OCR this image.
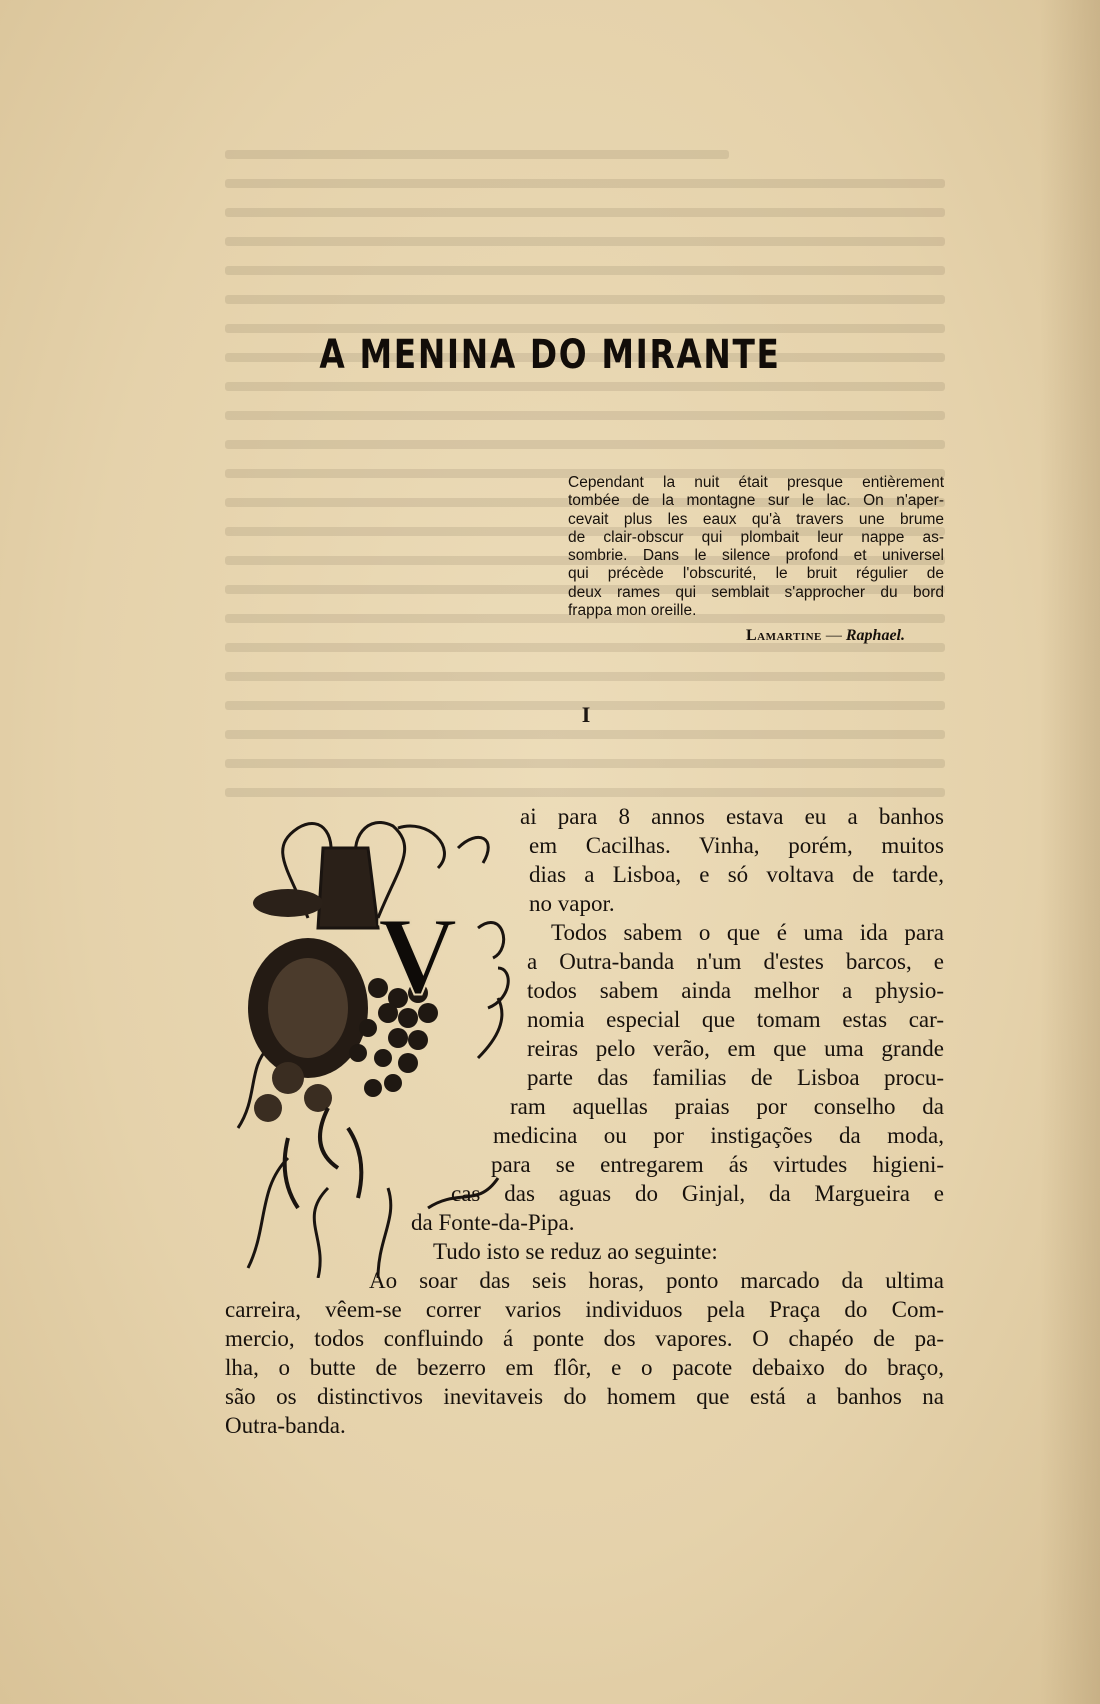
A MENINA DO MIRANTE
Cependant la nuit était presque entièrement
tombée de la montagne sur le lac. On n'aper-
cevait plus les eaux qu'à travers une brume
de clair-obscur qui plombait leur nappe as-
sombrie. Dans le silence profond et universel
qui précède l'obscurité, le bruit régulier de
deux rames qui semblait s'approcher du bord
frappa mon oreille.
Lamartine — Raphael.
I
V
ai para 8 annos estava eu a banhos
em Cacilhas. Vinha, porém, muitos
dias a Lisboa, e só voltava de tarde,
no vapor.
Todos sabem o que é uma ida para
a Outra-banda n'um d'estes barcos, e
todos sabem ainda melhor a physio-
nomia especial que tomam estas car-
reiras pelo verão, em que uma grande
parte das familias de Lisboa procu-
ram aquellas praias por conselho da
medicina ou por instigações da moda,
para se entregarem ás virtudes higieni-
cas das aguas do Ginjal, da Margueira e
da Fonte-da-Pipa.
Tudo isto se reduz ao seguinte:
Ao soar das seis horas, ponto marcado da ultima
carreira, vêem-se correr varios individuos pela Praça do Com-
mercio, todos confluindo á ponte dos vapores. O chapéo de pa-
lha, o butte de bezerro em flôr, e o pacote debaixo do braço,
são os distinctivos inevitaveis do homem que está a banhos na
Outra-banda.
